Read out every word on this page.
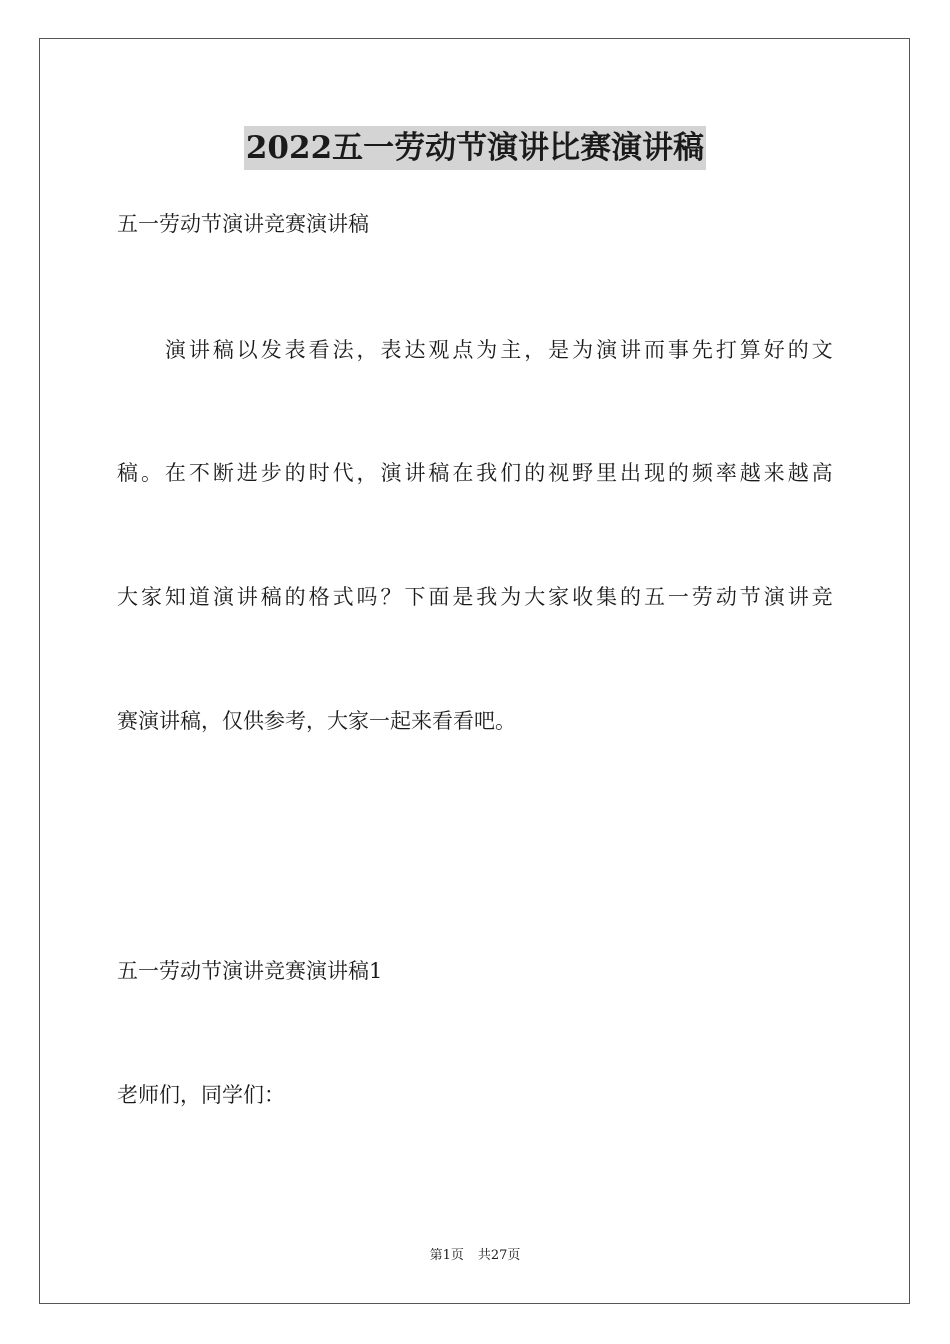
2022五一劳动节演讲比赛演讲稿
五一劳动节演讲竞赛演讲稿

演 讲 稿 以 发 表 看 法 ， 表 达 观 点 为 主 ， 是 为 演 讲 而 事 先 打 算 好 的 文
稿 。 在 不 断 进 步 的 时 代 ， 演 讲 稿 在 我 们 的 视 野 里 出 现 的 频 率 越 来 越 高
大 家 知 道 演 讲 稿 的 格 式 吗 ？ 下 面 是 我 为 大 家 收 集 的 五 一 劳 动 节 演 讲 竞
赛演讲稿，仅供参考，大家一起来看看吧。
五一劳动节演讲竞赛演讲稿1
老师们，同学们：
第1页 共27页
